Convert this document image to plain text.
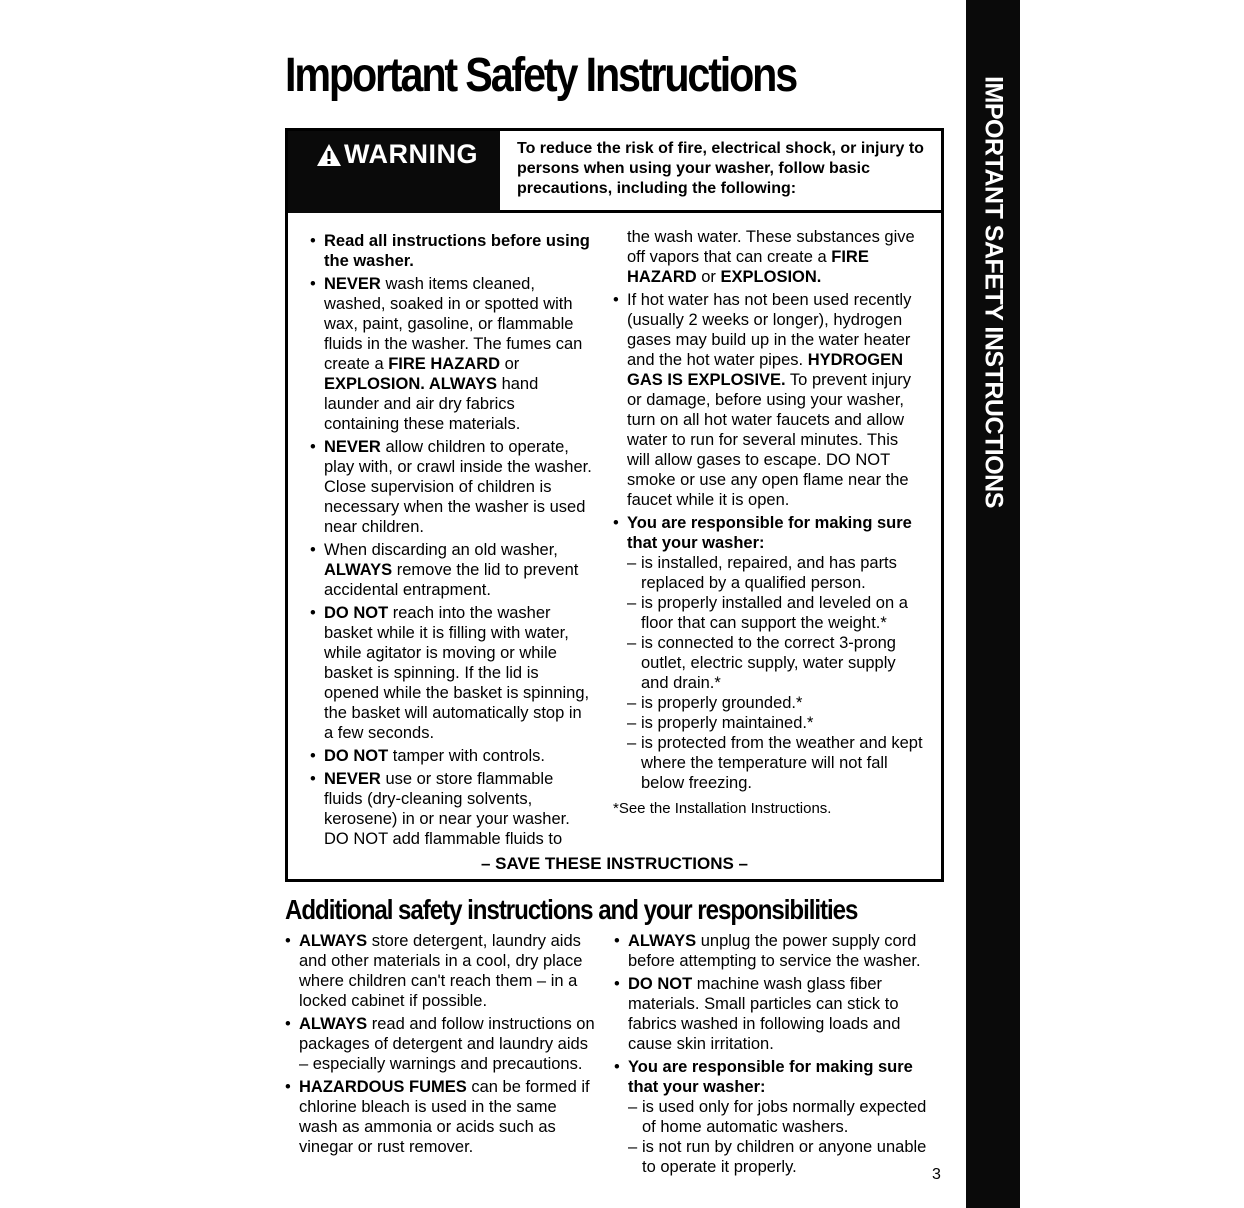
IMPORTANT SAFETY INSTRUCTIONS
Important Safety Instructions
WARNING	To reduce the risk of fire, electrical shock, or injury to persons when using your washer, follow basic precautions, including the following:
• Read all instructions before using the washer.
• NEVER wash items cleaned, washed, soaked in or spotted with wax, paint, gasoline, or flammable fluids in the washer. The fumes can create a FIRE HAZARD or EXPLOSION. ALWAYS hand launder and air dry fabrics containing these materials.
• NEVER allow children to operate, play with, or crawl inside the washer. Close supervision of children is necessary when the washer is used near children.
• When discarding an old washer, ALWAYS remove the lid to prevent accidental entrapment.
• DO NOT reach into the washer basket while it is filling with water, while agitator is moving or while basket is spinning. If the lid is opened while the basket is spinning, the basket will automatically stop in a few seconds.
• DO NOT tamper with controls.
• NEVER use or store flammable fluids (dry-cleaning solvents, kerosene) in or near your washer. DO NOT add flammable fluids to
the wash water. These substances give off vapors that can create a FIRE HAZARD or EXPLOSION.
• If hot water has not been used recently (usually 2 weeks or longer), hydrogen gases may build up in the water heater and the hot water pipes. HYDROGEN GAS IS EXPLOSIVE. To prevent injury or damage, before using your washer, turn on all hot water faucets and allow water to run for several minutes. This will allow gases to escape. DO NOT smoke or use any open flame near the faucet while it is open.
• You are responsible for making sure that your washer:
– is installed, repaired, and has parts replaced by a qualified person.
– is properly installed and leveled on a floor that can support the weight.*
– is connected to the correct 3-prong outlet, electric supply, water supply and drain.*
– is properly grounded.*
– is properly maintained.*
– is protected from the weather and kept where the temperature will not fall below freezing.
*See the Installation Instructions.
– SAVE THESE INSTRUCTIONS –
Additional safety instructions and your responsibilities
• ALWAYS store detergent, laundry aids and other materials in a cool, dry place where children can't reach them – in a locked cabinet if possible.
• ALWAYS read and follow instructions on packages of detergent and laundry aids – especially warnings and precautions.
• HAZARDOUS FUMES can be formed if chlorine bleach is used in the same wash as ammonia or acids such as vinegar or rust remover.
• ALWAYS unplug the power supply cord before attempting to service the washer.
• DO NOT machine wash glass fiber materials. Small particles can stick to fabrics washed in following loads and cause skin irritation.
• You are responsible for making sure that your washer:
– is used only for jobs normally expected of home automatic washers.
– is not run by children or anyone unable to operate it properly.	3
